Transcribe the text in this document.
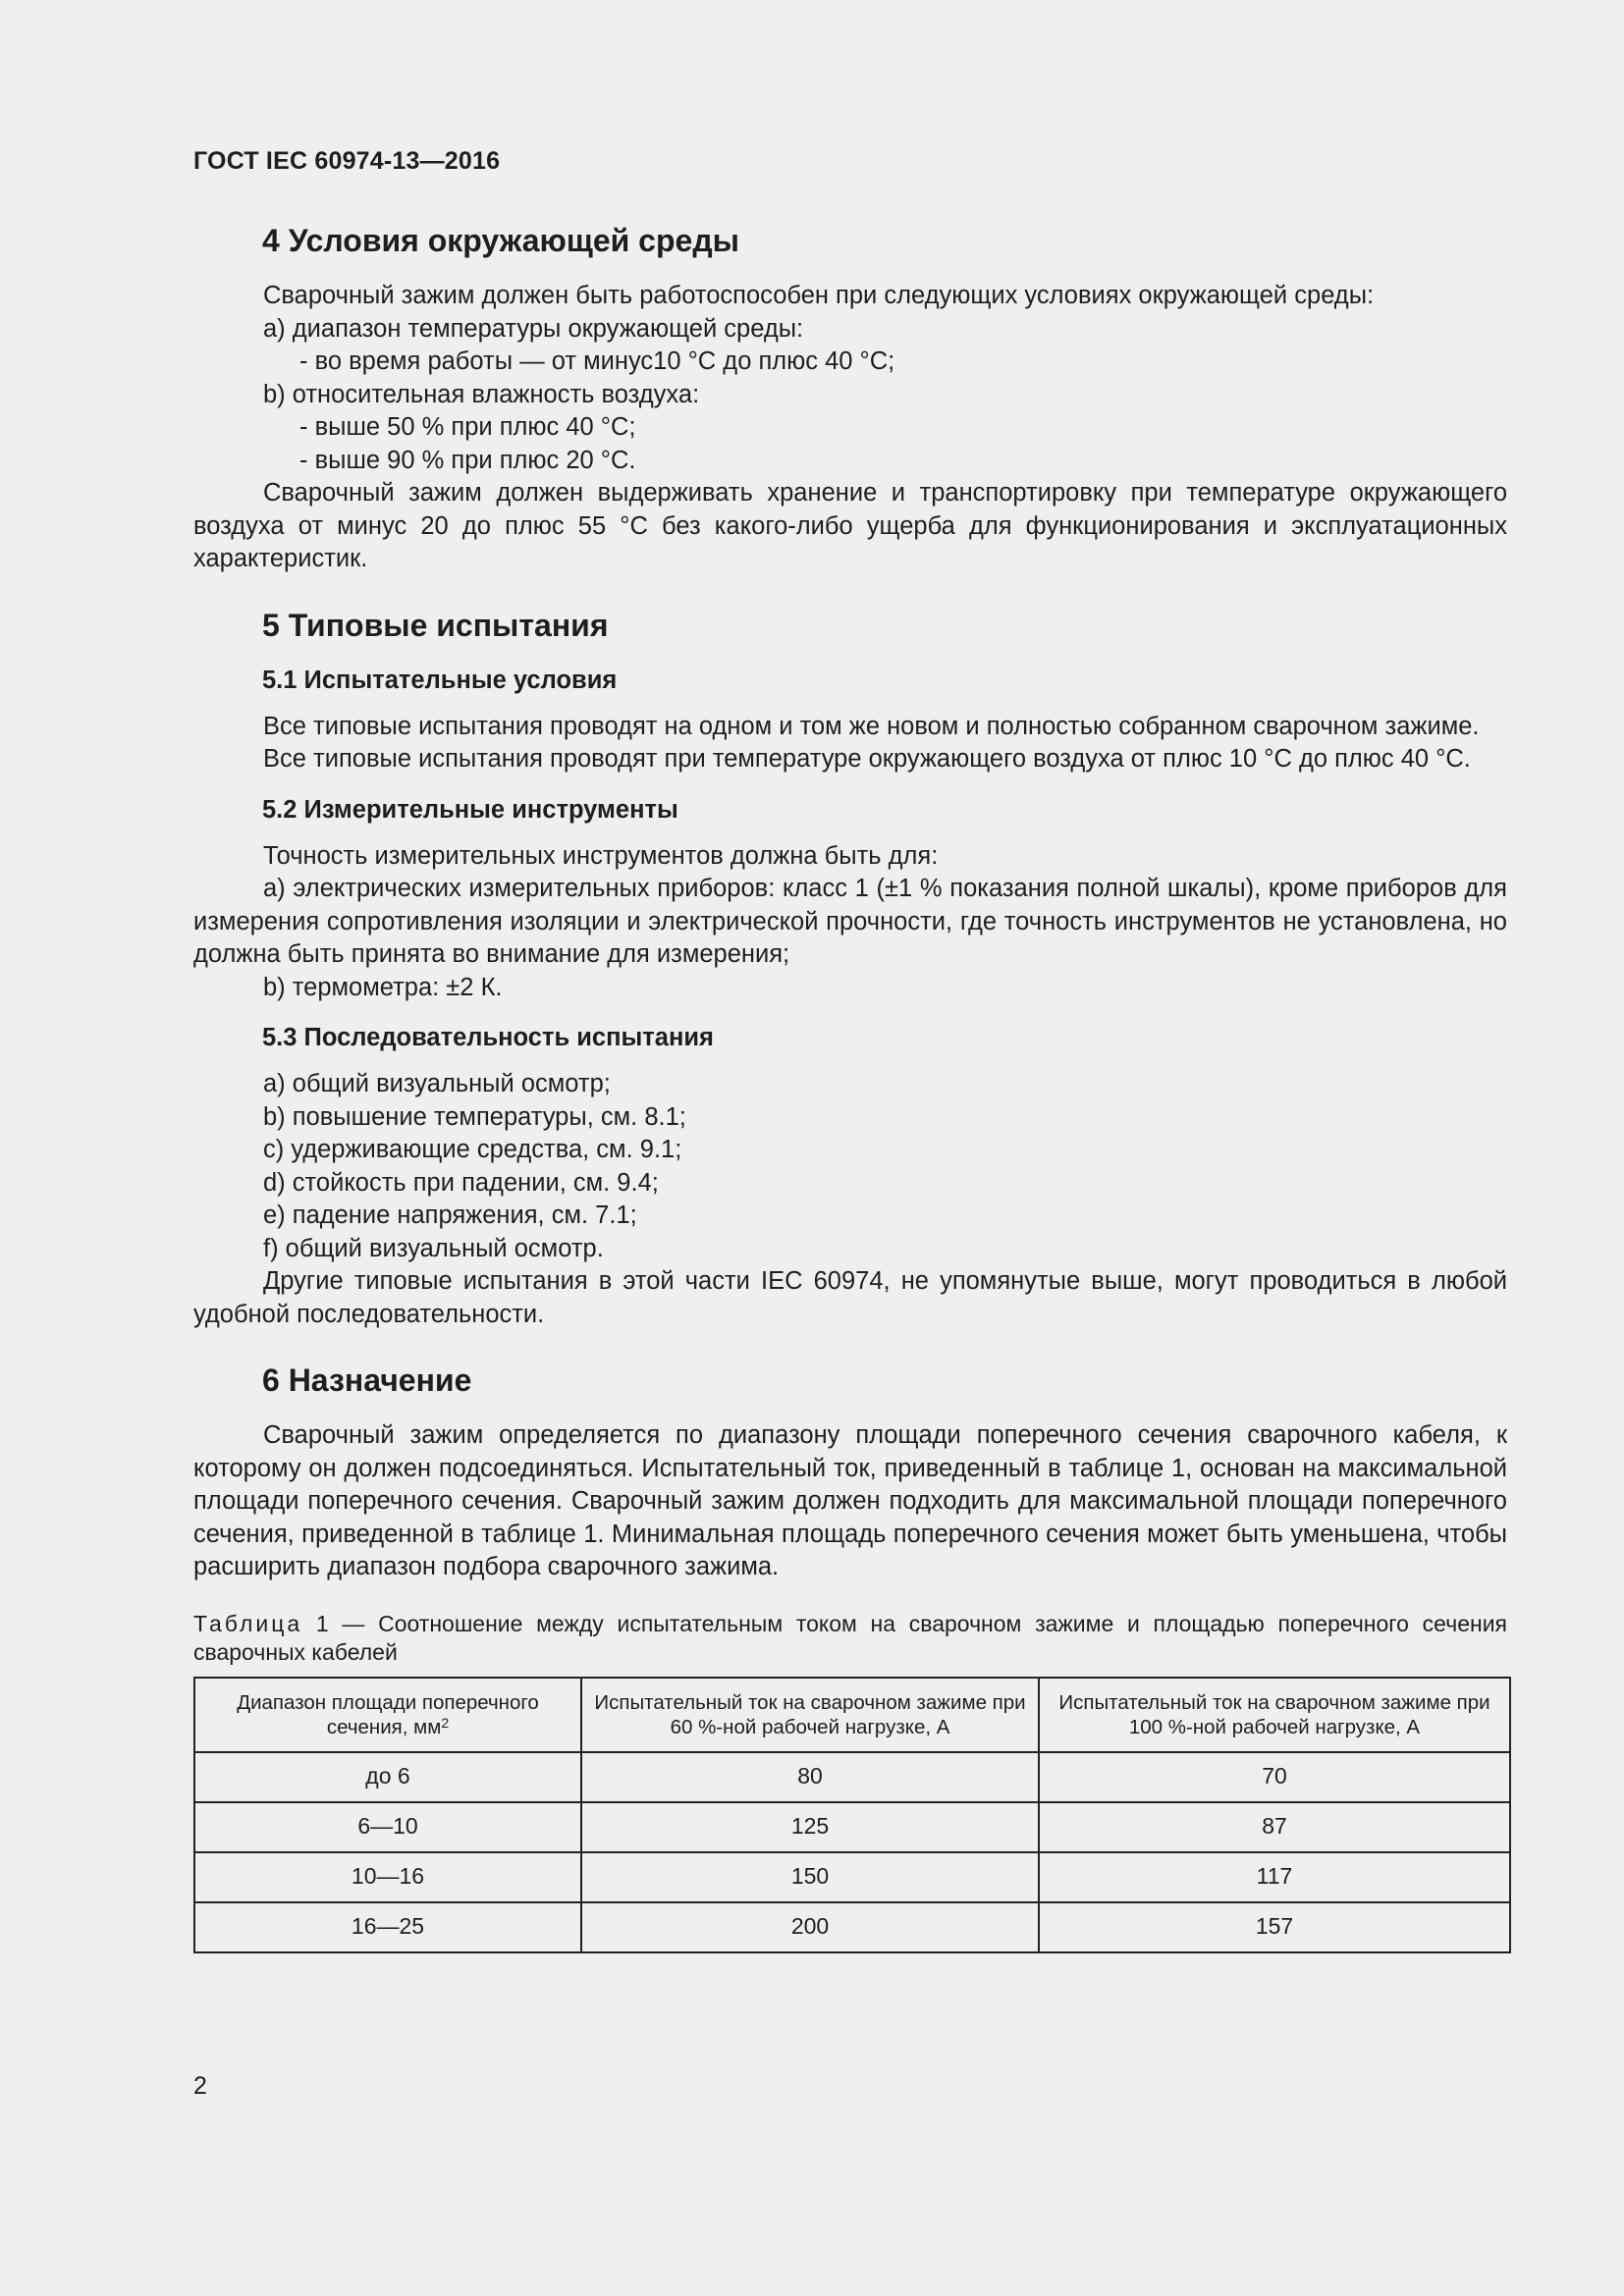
ГОСТ IEC 60974-13—2016
4 Условия окружающей среды

Сварочный зажим должен быть работоспособен при следующих условиях окружающей среды:

a) диапазон температуры окружающей среды:

- во время работы — от минус10 °С до плюс 40 °С;

b) относительная влажность воздуха:

- выше 50 % при плюс 40 °С;

- выше 90 % при плюс 20 °С.

Сварочный зажим должен выдерживать хранение и транспортировку при температуре окружающего воздуха от минус 20 до плюс 55 °С без какого-либо ущерба для функционирования и эксплуатационных характеристик.

5 Типовые испытания
5.1 Испытательные условия

Все типовые испытания проводят на одном и том же новом и полностью собранном сварочном зажиме.

Все типовые испытания проводят при температуре окружающего воздуха от плюс 10 °С до плюс 40 °С.

5.2 Измерительные инструменты

Точность измерительных инструментов должна быть для:

a) электрических измерительных приборов: класс 1 (±1 % показания полной шкалы), кроме приборов для измерения сопротивления изоляции и электрической прочности, где точность инструментов не установлена, но должна быть принята во внимание для измерения;

b) термометра: ±2 К.

5.3 Последовательность испытания

a) общий визуальный осмотр;

b) повышение температуры, см. 8.1;

c) удерживающие средства, см. 9.1;

d) стойкость при падении, см. 9.4;

e) падение напряжения, см. 7.1;

f) общий визуальный осмотр.

Другие типовые испытания в этой части IEC 60974, не упомянутые выше, могут проводиться в любой удобной последовательности.

6 Назначение

Сварочный зажим определяется по диапазону площади поперечного сечения сварочного кабеля, к которому он должен подсоединяться. Испытательный ток, приведенный в таблице 1, основан на максимальной площади поперечного сечения. Сварочный зажим должен подходить для максимальной площади поперечного сечения, приведенной в таблице 1. Минимальная площадь поперечного сечения может быть уменьшена, чтобы расширить диапазон подбора сварочного зажима.

Таблица 1 — Соотношение между испытательным током на сварочном зажиме и площадью поперечного сечения сварочных кабелей

Диапазон площади поперечного сечения, $мм^2$	Испытательный ток на сварочном зажиме при 60 %-ной рабочей нагрузке, А	Испытательный ток на сварочном зажиме при 100 %-ной рабочей нагрузке, А
до 6	80	70
6—10	125	87
10—16	150	117
16—25	200	157
2
